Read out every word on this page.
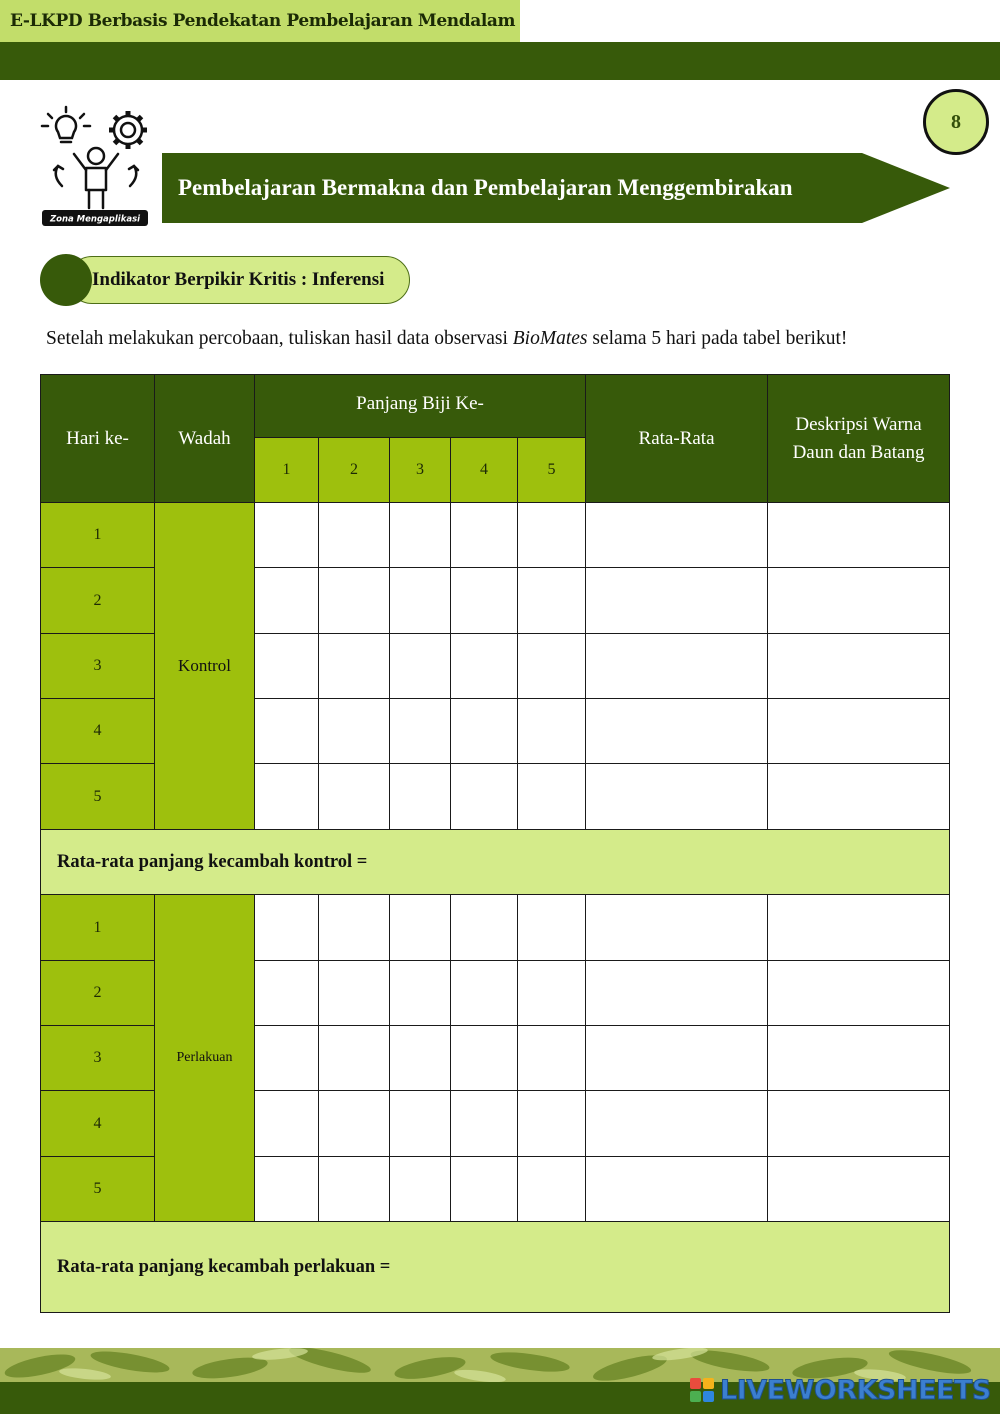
E-LKPD Berbasis Pendekatan Pembelajaran Mendalam
8
Zona Mengaplikasi
Pembelajaran Bermakna dan Pembelajaran Menggembirakan
Indikator Berpikir Kritis : Inferensi
Setelah melakukan percobaan, tuliskan hasil data observasi BioMates selama 5 hari pada tabel berikut!
Hari ke-	Wadah	Panjang Biji Ke-					Rata-Rata	Deskripsi Warna Daun dan Batang
		1	2	3	4	5		
1	Kontrol							
2								
3								
4								
5								
Rata-rata panjang kecambah kontrol =								
1	Perlakuan							
2								
3								
4								
5								
Rata-rata panjang kecambah perlakuan =								
LIVEWORKSHEETS
